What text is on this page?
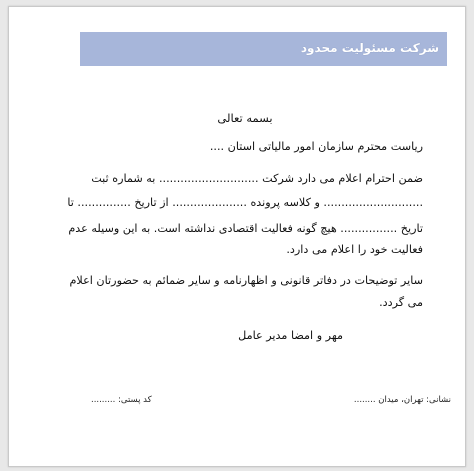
شرکت مسئولیت محدود
بسمه تعالی
ریاست محترم سازمان امور مالیاتی استان ....
ضمن احترام اعلام می دارد شرکت ............................ به شماره ثبت
............................ و کلاسه پرونده ..................... از تاریخ ............... تا
تاریخ ................ هیچ گونه فعالیت اقتصادی نداشته است. به این وسیله عدم
فعالیت خود را اعلام می دارد.
سایر توضیحات در دفاتر قانونی و اظهارنامه و سایر ضمائم به حضورتان اعلام
می گردد.
مهر و امضا مدیر عامل
نشانی: تهران، میدان ........
کد پستی: .........
